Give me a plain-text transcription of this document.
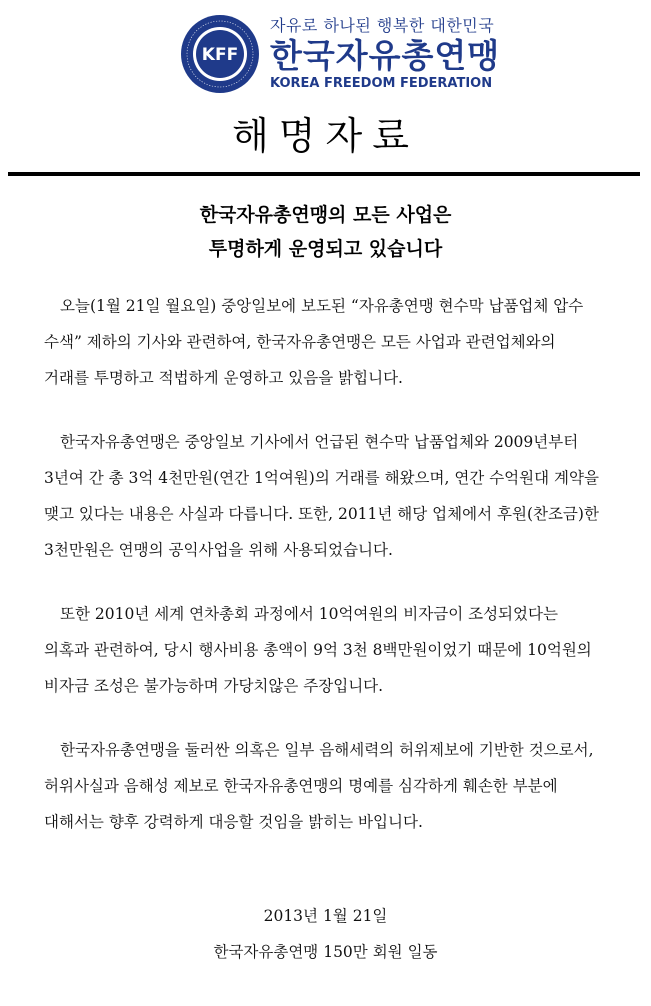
KFF
자유로 하나된 행복한 대한민국
한국자유총연맹
KOREA FREEDOM FEDERATION
해명자료
한국자유총연맹의 모든 사업은
투명하게 운영되고 있습니다
오늘(1월 21일 월요일) 중앙일보에 보도된 “자유총연맹 현수막 납품업체 압수
수색” 제하의 기사와 관련하여, 한국자유총연맹은 모든 사업과 관련업체와의
거래를 투명하고 적법하게 운영하고 있음을 밝힙니다.
한국자유총연맹은 중앙일보 기사에서 언급된 현수막 납품업체와 2009년부터
3년여 간 총 3억 4천만원(연간 1억여원)의 거래를 해왔으며, 연간 수억원대 계약을
맺고 있다는 내용은 사실과 다릅니다. 또한, 2011년 해당 업체에서 후원(찬조금)한
3천만원은 연맹의 공익사업을 위해 사용되었습니다.
또한 2010년 세계 연차총회 과정에서 10억여원의 비자금이 조성되었다는
의혹과 관련하여, 당시 행사비용 총액이 9억 3천 8백만원이었기 때문에 10억원의
비자금 조성은 불가능하며 가당치않은 주장입니다.
한국자유총연맹을 둘러싼 의혹은 일부 음해세력의 허위제보에 기반한 것으로서,
허위사실과 음해성 제보로 한국자유총연맹의 명예를 심각하게 훼손한 부분에
대해서는 향후 강력하게 대응할 것임을 밝히는 바입니다.
2013년 1월 21일
한국자유총연맹 150만 회원 일동
